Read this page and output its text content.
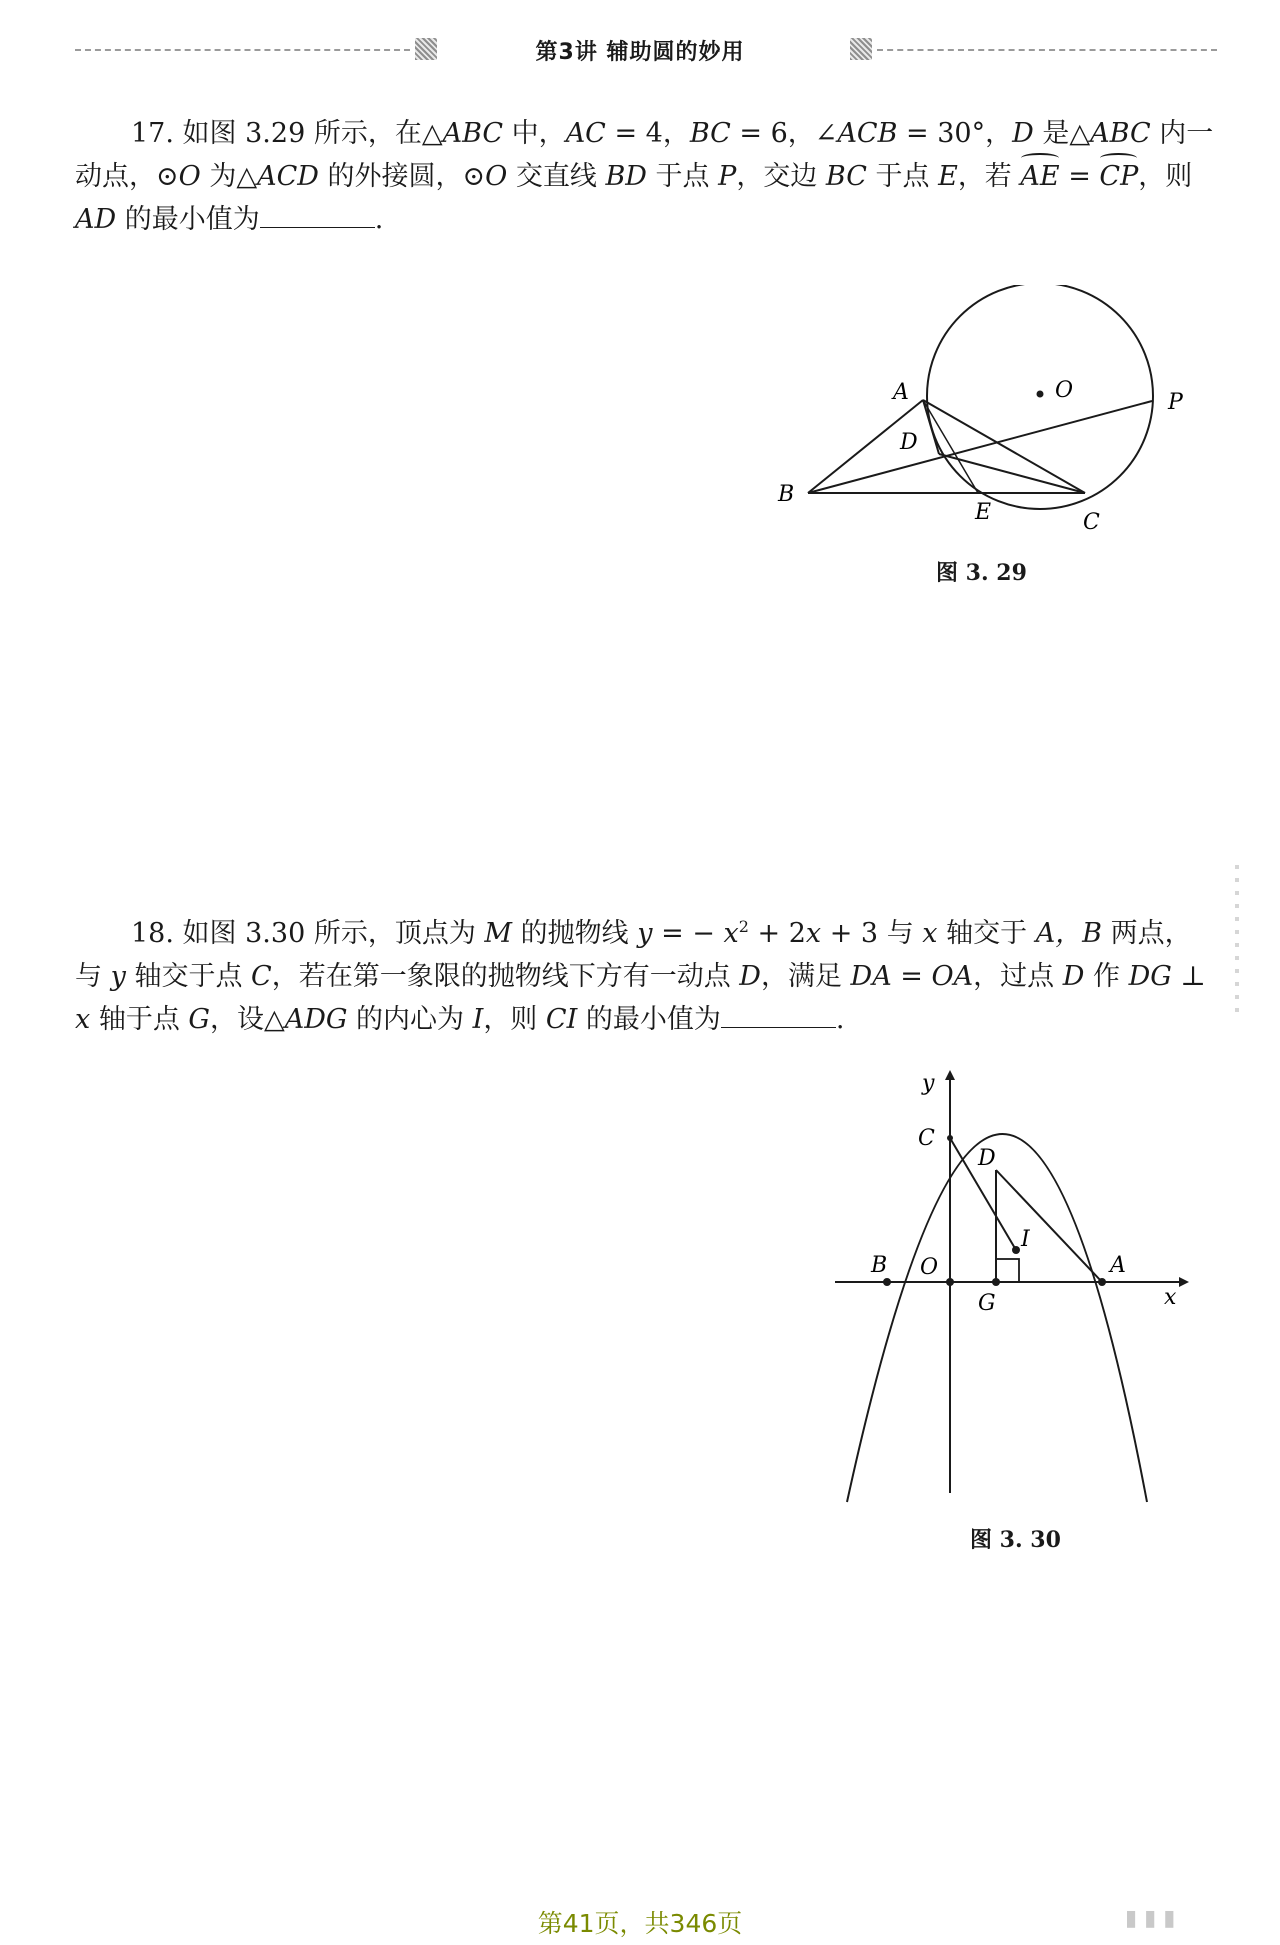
第3讲 辅助圆的妙用

17. 如图 3.29 所示，在△ABC 中，AC = 4，BC = 6，∠ACB = 30°，D 是△ABC 内一动点，⊙O 为△ACD 的外接圆，⊙O 交直线 BD 于点 P，交边 BC 于点 E，若 AE = CP，则 AD 的最小值为	.

A
D
B
E	C
O	P
图 3. 29

18. 如图 3.30 所示，顶点为 M 的抛物线 y = − $x^2 + 2x + 3$ 与 x 轴交于 A，B 两点，与 y 轴交于点 C，若在第一象限的抛物线下方有一动点 D，满足 DA = OA，过点 D 作 DG ⊥ x 轴于点 G，设△ADG 的内心为 I，则 CI 的最小值为	.

y
x
C
D
I
B O	A
G
图 3. 30
第41页，共346页	▮ ▮ ▮
